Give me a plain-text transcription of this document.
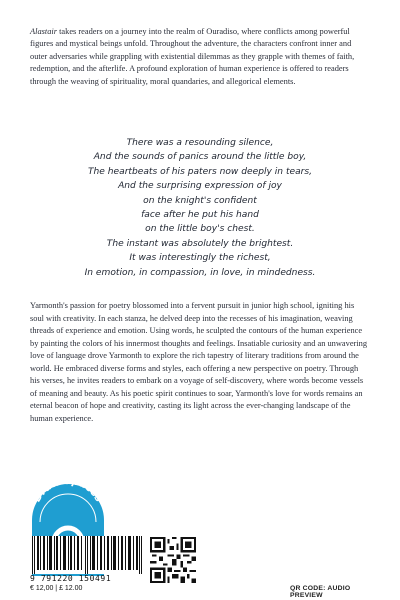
Alastair takes readers on a journey into the realm of Ouradiso, where conflicts among powerful figures and mystical beings unfold. Throughout the adventure, the characters confront inner and outer adversaries while grappling with existential dilemmas as they grapple with themes of faith, redemption, and the afterlife. A profound exploration of human experience is offered to readers through the weaving of spirituality, moral quandaries, and allegorical elements.

There was a resounding silence,
And the sounds of panics around the little boy,
The heartbeats of his paters now deeply in tears,
And the surprising expression of joy
on the knight's confident
face after he put his hand
on the little boy's chest.
The instant was absolutely the brightest.
It was interestingly the richest,
In emotion, in compassion, in love, in mindedness.

Yarmonth's passion for poetry blossomed into a fervent pursuit in junior high school, igniting his soul with creativity. In each stanza, he delved deep into the recesses of his imagination, weaving threads of experience and emotion. Using words, he sculpted the contours of the human experience by painting the colors of his innermost thoughts and feelings. Insatiable curiosity and an unwavering love of language drove Yarmonth to explore the rich tapestry of literary traditions from around the world. He embraced diverse forms and styles, each offering a new perspective on poetry. Through his verses, he invites readers to embark on a voyage of self-discovery, where words become vessels of meaning and beauty. As his poetic spirit continues to soar, Yarmonth's love for words remains an eternal beacon of hope and creativity, casting its light across the ever-changing landscape of the human experience.

Draw Spaces
9 791220 150491
€ 12,00 | £ 12.00	QR CODE: AUDIO PREVIEW
